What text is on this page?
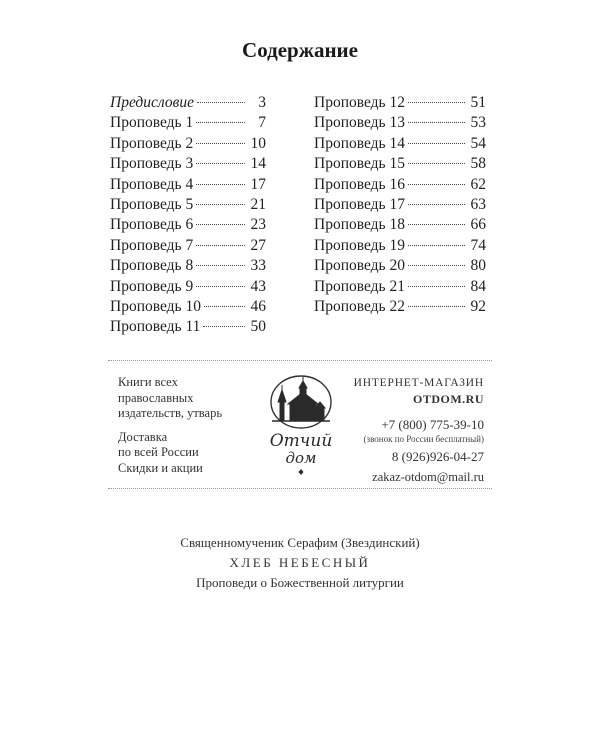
Содержание
Предисловие	3
Проповедь 1	7
Проповедь 2	10
Проповедь 3	14
Проповедь 4	17
Проповедь 5	21
Проповедь 6	23
Проповедь 7	27
Проповедь 8	33
Проповедь 9	43
Проповедь 10	46
Проповедь 11	50
Проповедь 12	51
Проповедь 13	53
Проповедь 14	54
Проповедь 15	58
Проповедь 16	62
Проповедь 17	63
Проповедь 18	66
Проповедь 19	74
Проповедь 20	80
Проповедь 21	84
Проповедь 22	92
Книги всех
православных
издательств, утварь
Доставка
по всей России
Скидки и акции
Отчий
дом
ИНТЕРНЕТ-МАГАЗИН
OTDOM.RU
+7 (800) 775-39-10
(звонок по России бесплатный)
8 (926)926-04-27
zakaz-otdom@mail.ru
Священномученик Серафим (Звездинский)
ХЛЕБ НЕБЕСНЫЙ
Проповеди о Божественной литургии
